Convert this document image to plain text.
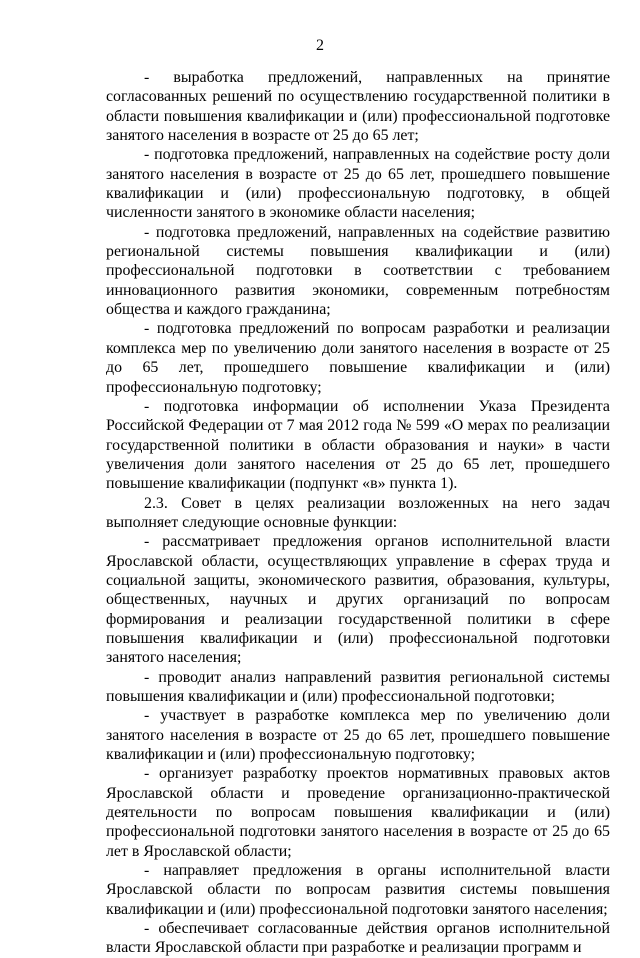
2

- выработка предложений, направленных на принятие согласованных решений по осуществлению государственной политики в области повышения квалификации и (или) профессиональной подготовке занятого населения в возрасте от 25 до 65 лет;

- подготовка предложений, направленных на содействие росту доли занятого населения в возрасте от 25 до 65 лет, прошедшего повышение квалификации и (или) профессиональную подготовку, в общей численности занятого в экономике области населения;

- подготовка предложений, направленных на содействие развитию региональной системы повышения квалификации и (или) профессиональной подготовки в соответствии с требованием инновационного развития экономики, современным потребностям общества и каждого гражданина;

- подготовка предложений по вопросам разработки и реализации комплекса мер по увеличению доли занятого населения в возрасте от 25 до 65 лет, прошедшего повышение квалификации и (или) профессиональную подготовку;

- подготовка информации об исполнении Указа Президента Российской Федерации от 7 мая 2012 года № 599 «О мерах по реализации государственной политики в области образования и науки» в части увеличения доли занятого населения от 25 до 65 лет, прошедшего повышение квалификации (подпункт «в» пункта 1).

2.3. Совет в целях реализации возложенных на него задач выполняет следующие основные функции:

- рассматривает предложения органов исполнительной власти Ярославской области, осуществляющих управление в сферах труда и социальной защиты, экономического развития, образования, культуры, общественных, научных и других организаций по вопросам формирования и реализации государственной политики в сфере повышения квалификации и (или) профессиональной подготовки занятого населения;

- проводит анализ направлений развития региональной системы повышения квалификации и (или) профессиональной подготовки;

- участвует в разработке комплекса мер по увеличению доли занятого населения в возрасте от 25 до 65 лет, прошедшего повышение квалификации и (или) профессиональную подготовку;

- организует разработку проектов нормативных правовых актов Ярославской области и проведение организационно-практической деятельности по вопросам повышения квалификации и (или) профессиональной подготовки занятого населения в возрасте от 25 до 65 лет в Ярославской области;

- направляет предложения в органы исполнительной власти Ярославской области по вопросам развития системы повышения квалификации и (или) профессиональной подготовки занятого населения;

- обеспечивает согласованные действия органов исполнительной власти Ярославской области при разработке и реализации программ и
